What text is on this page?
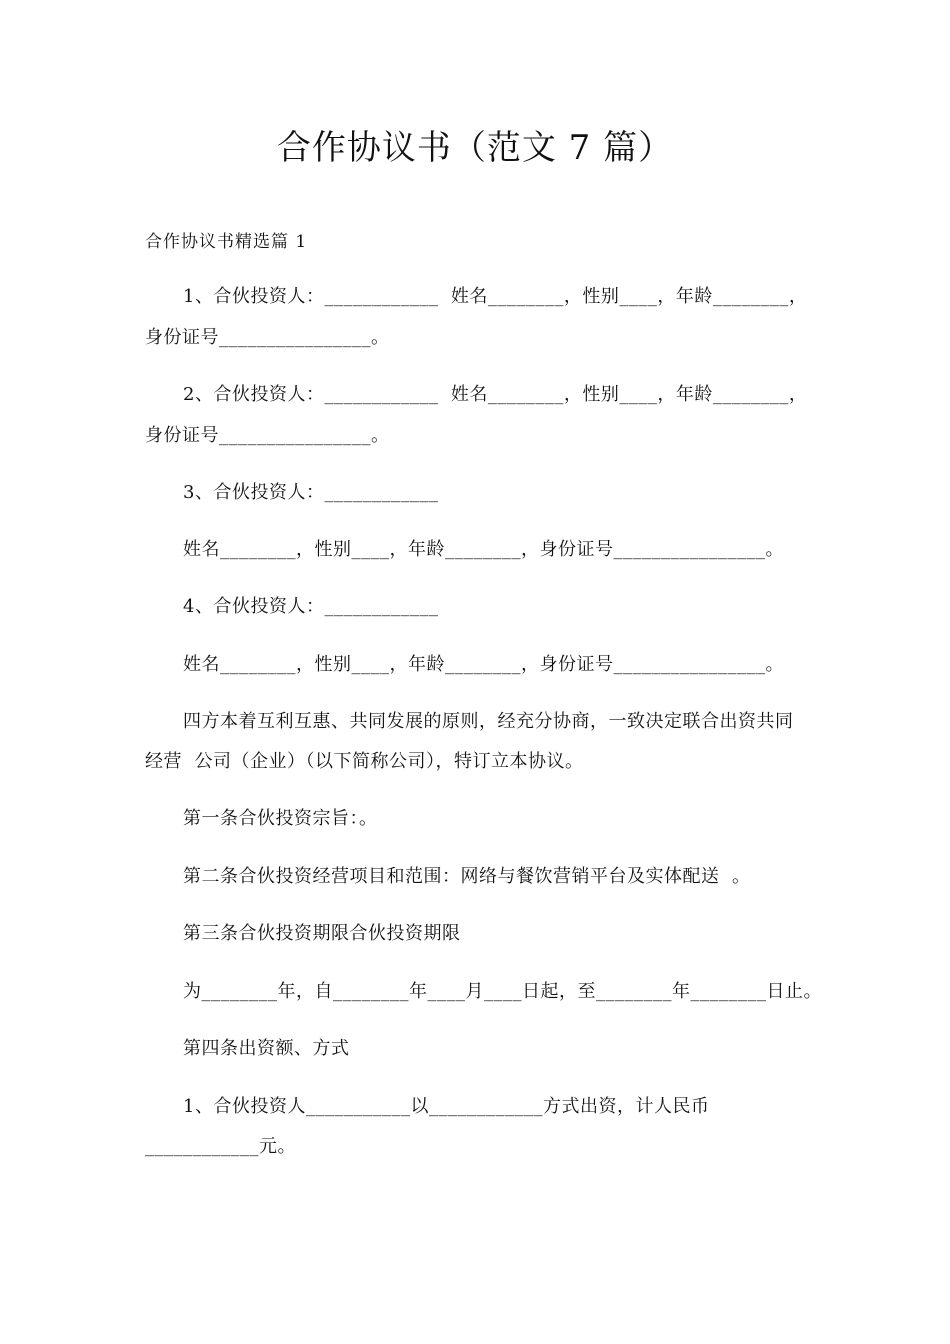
合作协议书（范文 7 篇）
合作协议书精选篇 1
1、合伙投资人：____________  姓名________，性别____，年龄________，
身份证号________________。
2、合伙投资人：____________  姓名________，性别____，年龄________，
身份证号________________。
3、合伙投资人：____________
姓名________，性别____，年龄________，身份证号________________。
4、合伙投资人：____________
姓名________，性别____，年龄________，身份证号________________。
四方本着互利互惠、共同发展的原则，经充分协商，一致决定联合出资共同
经营  公司（企业）（以下简称公司），特订立本协议。
第一条合伙投资宗旨：。
第二条合伙投资经营项目和范围：网络与餐饮营销平台及实体配送  。
第三条合伙投资期限合伙投资期限
为________年，自________年____月____日起，至________年________日止。
第四条出资额、方式
1、合伙投资人___________以____________方式出资，计人民币
____________元。
